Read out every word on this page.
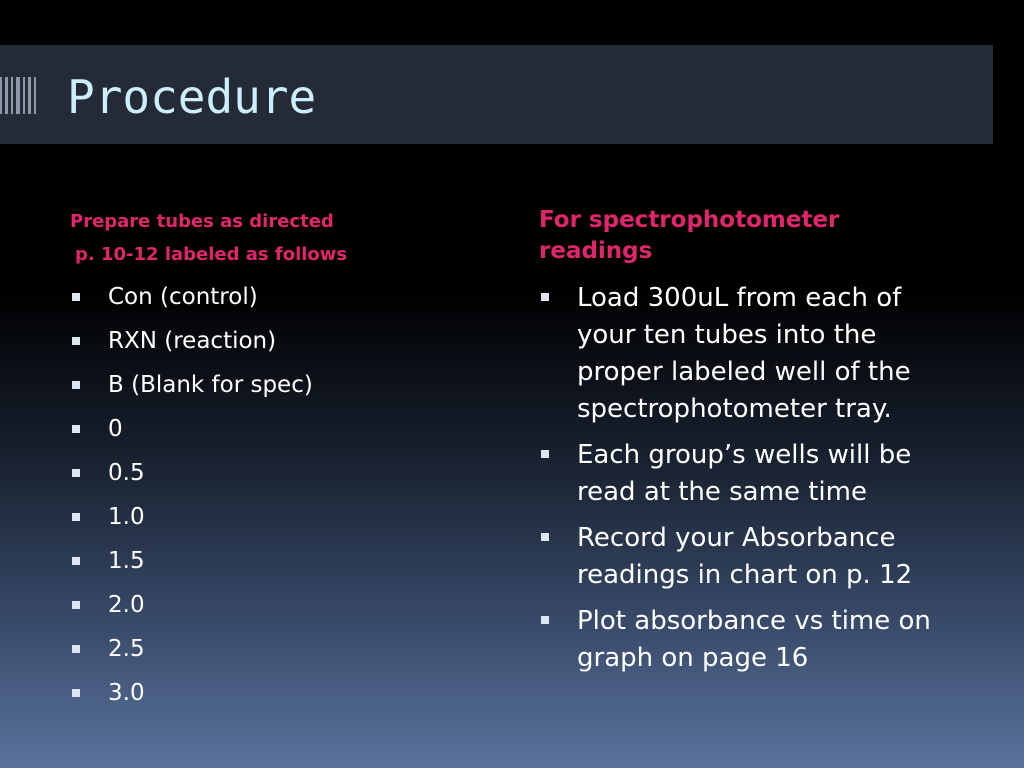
Procedure
Prepare tubes as directed
p. 10-12 labeled as follows
Con (control)
RXN (reaction)
B (Blank for spec)
0
0.5
1.0
1.5
2.0
2.5
3.0
For spectrophotometer readings
Load 300uL from each of your ten tubes into the proper labeled well of the spectrophotometer tray.
Each group’s wells will be read at the same time
Record your Absorbance readings in chart on p. 12
Plot absorbance vs time on graph on page 16
